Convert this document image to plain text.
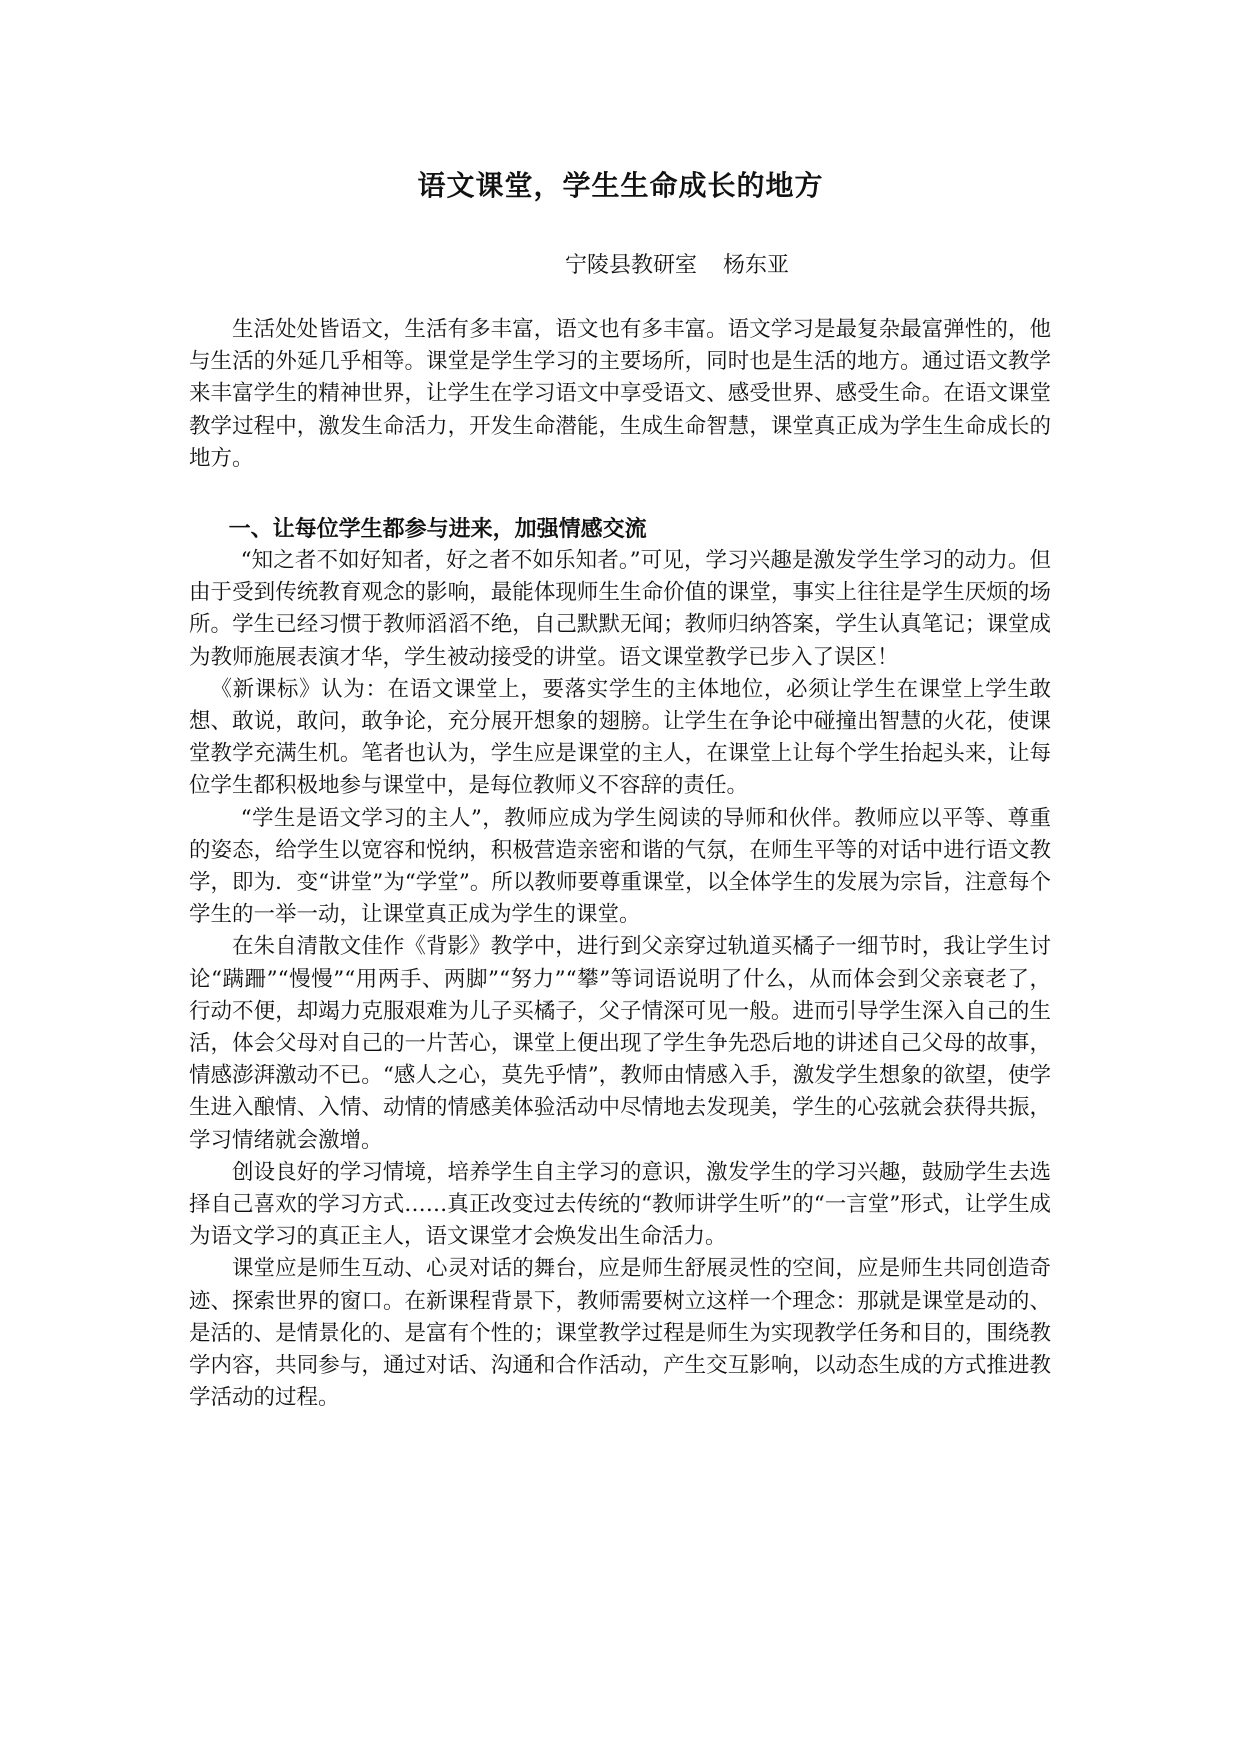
语文课堂，学生生命成长的地方

宁陵县教研室 杨东亚

生活处处皆语文，生活有多丰富，语文也有多丰富。语文学习是最复杂最富弹性的，他与生活的外延几乎相等。课堂是学生学习的主要场所，同时也是生活的地方。通过语文教学来丰富学生的精神世界，让学生在学习语文中享受语文、感受世界、感受生命。在语文课堂教学过程中，激发生命活力，开发生命潜能，生成生命智慧，课堂真正成为学生生命成长的地方。

一、让每位学生都参与进来，加强情感交流

“知之者不如好知者，好之者不如乐知者。”可见，学习兴趣是激发学生学习的动力。但由于受到传统教育观念的影响，最能体现师生生命价值的课堂，事实上往往是学生厌烦的场所。学生已经习惯于教师滔滔不绝，自己默默无闻；教师归纳答案，学生认真笔记；课堂成为教师施展表演才华，学生被动接受的讲堂。语文课堂教学已步入了误区！

《新课标》认为：在语文课堂上，要落实学生的主体地位，必须让学生在课堂上学生敢想、敢说，敢问，敢争论，充分展开想象的翅膀。让学生在争论中碰撞出智慧的火花，使课堂教学充满生机。笔者也认为，学生应是课堂的主人，在课堂上让每个学生抬起头来，让每位学生都积极地参与课堂中，是每位教师义不容辞的责任。

“学生是语文学习的主人”，教师应成为学生阅读的导师和伙伴。教师应以平等、尊重的姿态，给学生以宽容和悦纳，积极营造亲密和谐的气氛，在师生平等的对话中进行语文教学，即为．变“讲堂”为“学堂”。所以教师要尊重课堂，以全体学生的发展为宗旨，注意每个学生的一举一动，让课堂真正成为学生的课堂。

在朱自清散文佳作《背影》教学中，进行到父亲穿过轨道买橘子一细节时，我让学生讨论“蹒跚”“慢慢”“用两手、两脚”“努力”“攀”等词语说明了什么，从而体会到父亲衰老了，行动不便，却竭力克服艰难为儿子买橘子，父子情深可见一般。进而引导学生深入自己的生活，体会父母对自己的一片苦心，课堂上便出现了学生争先恐后地的讲述自己父母的故事，情感澎湃激动不已。“感人之心，莫先乎情”，教师由情感入手，激发学生想象的欲望，使学生进入酿情、入情、动情的情感美体验活动中尽情地去发现美，学生的心弦就会获得共振，学习情绪就会激增。

创设良好的学习情境，培养学生自主学习的意识，激发学生的学习兴趣，鼓励学生去选择自己喜欢的学习方式……真正改变过去传统的“教师讲学生听”的“一言堂”形式，让学生成为语文学习的真正主人，语文课堂才会焕发出生命活力。

课堂应是师生互动、心灵对话的舞台，应是师生舒展灵性的空间，应是师生共同创造奇迹、探索世界的窗口。在新课程背景下，教师需要树立这样一个理念：那就是课堂是动的、是活的、是情景化的、是富有个性的；课堂教学过程是师生为实现教学任务和目的，围绕教学内容，共同参与，通过对话、沟通和合作活动，产生交互影响，以动态生成的方式推进教学活动的过程。
